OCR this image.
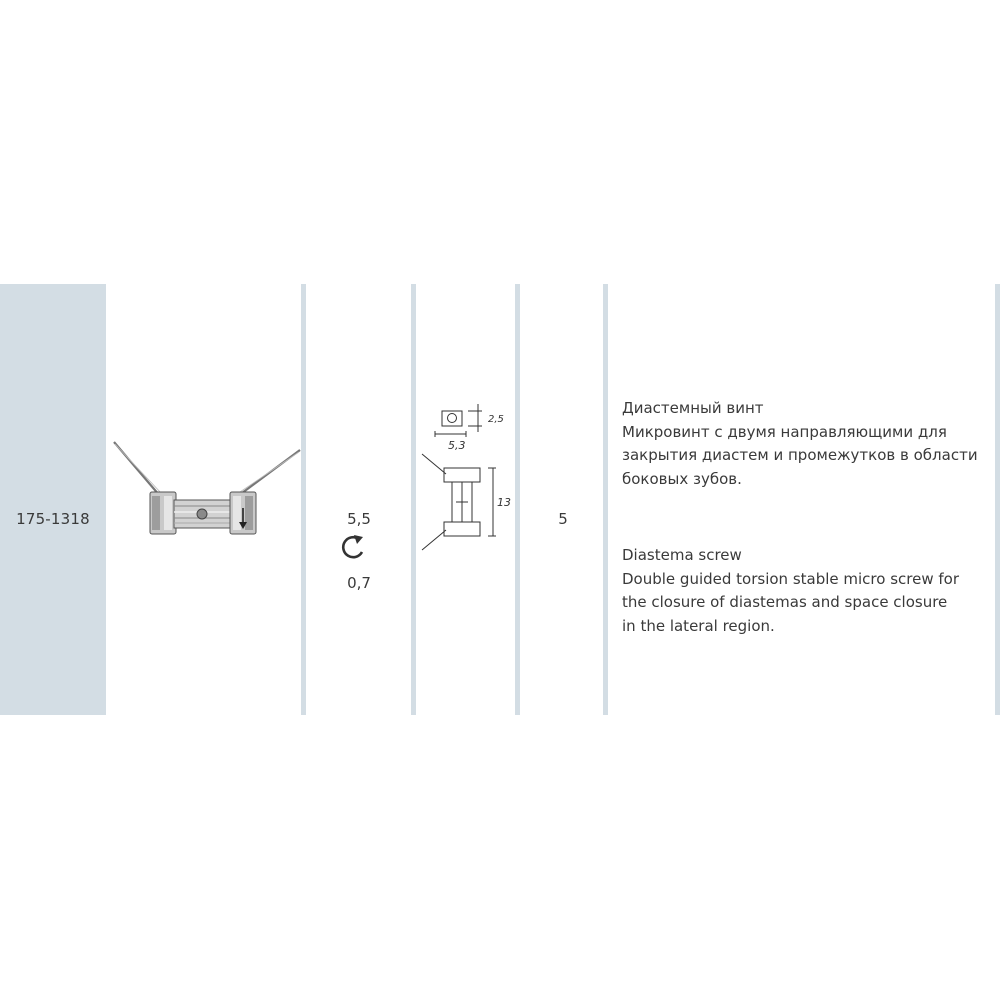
175-1318	5,5
0,7
5,3
2,5
13
5
Диастемный винт
Микровинт с двумя направляющими для
закрытия диастем и промежутков в области
боковых зубов.
Diastema screw
Double guided torsion stable micro screw for
the closure of diastemas and space closure
in the lateral region.
